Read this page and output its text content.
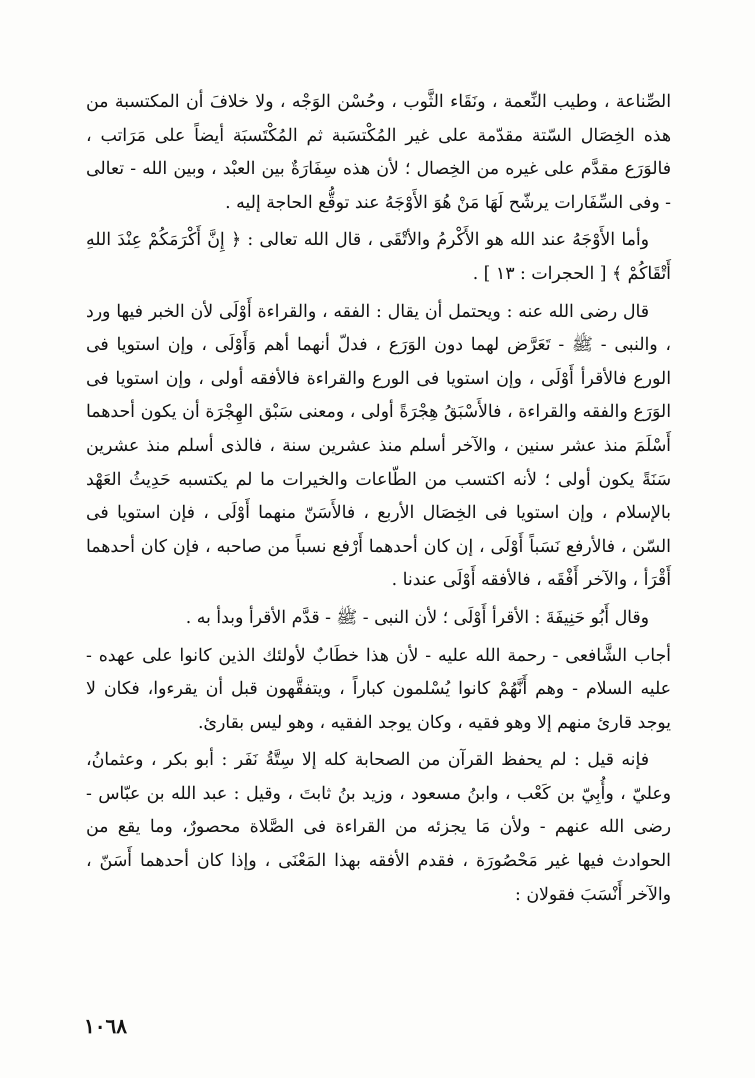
الصِّناعة ، وطيب النِّعمة ، ونَقَاء الثَّوب ، وحُسْن الوَجْه ، ولا خلافَ أن المكتسبة من هذه الخِصَال السّتة مقدّمة على غير المُكْتسَبة ثم المُكْتَسبَة أيضاً على مَرَاتب ، فالوَرَع مقدَّم على غيره من الخِصال ؛ لأن هذه سِفَارَةٌ بين العبْد ، وبين الله - تعالى - وفى السِّفَارات يرشّح لَهَا مَنْ هُوَ الأَوْجَهُ عند توقُّع الحاجة إليه .

وأما الأَوْجَهُ عند الله هو الأَكْرمُ والأتْقَى ، قال الله تعالى : ﴿ إِنَّ أَكْرَمَكُمْ عِنْدَ اللهِ أَتْقَاكُمْ ﴾ [ الحجرات : ١٣ ] .

قال رضى الله عنه : ويحتمل أن يقال : الفقه ، والقراءة أَوْلَى لأن الخبر فيها ورد ، والنبى - ﷺ - تَعَرَّض لهما دون الوَرَع ، فدلّ أنهما أهم وَأَوْلَى ، وإن استويا فى الورع فالأقرأ أَوْلَى ، وإن استويا فى الورع والقراءة فالأفقه أولى ، وإن استويا فى الوَرَع والفقه والقراءة ، فالأَسْبَقُ هِجْرَةً أولى ، ومعنى سَبْق الهِجْرَة أن يكون أحدهما أَسْلَمَ منذ عشر سنين ، والآخر أسلم منذ عشرين سنة ، فالذى أسلم منذ عشرين سَنَةً يكون أولى ؛ لأنه اكتسب من الطّاعات والخيرات ما لم يكتسبه حَدِيثُ العَهْد بالإسلام ، وإن استويا فى الخِصَال الأربع ، فالأَسَنّ منهما أَوْلَى ، فإن استويا فى السّن ، فالأرفع نَسَباً أَوْلَى ، إن كان أحدهما أَرْفع نسباً من صاحبه ، فإن كان أحدهما أَقْرَأ ، والآخر أَفْقَه ، فالأفقه أَوْلَى عندنا .

وقال أَبُو حَنِيفَةَ : الأقرأ أَوْلَى ؛ لأن النبى - ﷺ - قدَّم الأقرأ وبدأ به .

أجاب الشَّافعى - رحمة الله عليه - لأن هذا خطَابٌ لأولئك الذين كانوا على عهده - عليه السلام - وهم أَنَّهُمْ كانوا يُسْلمون كباراً ، ويتفقَّهون قبل أن يقرءوا، فكان لا يوجد قارئ منهم إلا وهو فقيه ، وكان يوجد الفقيه ، وهو ليس بقارئ.

فإنه قيل : لم يحفظ القرآن من الصحابة كله إلا سِتَّةُ نَفَر : أبو بكر ، وعثمانُ، وعليّ ، وأُبِيّ بن كَعْب ، وابنُ مسعود ، وزيد بنُ ثابتَ ، وقيل : عبد الله بن عبّاس - رضى الله عنهم - ولأن مَا يجزئه من القراءة فى الصَّلاة محصورٌ، وما يقع من الحوادث فيها غير مَحْصُورَة ، فقدم الأفقه بهذا المَعْنَى ، وإذا كان أحدهما أَسَنّ ، والآخر أَنْسَبَ فقولان :

١٠٦٨
